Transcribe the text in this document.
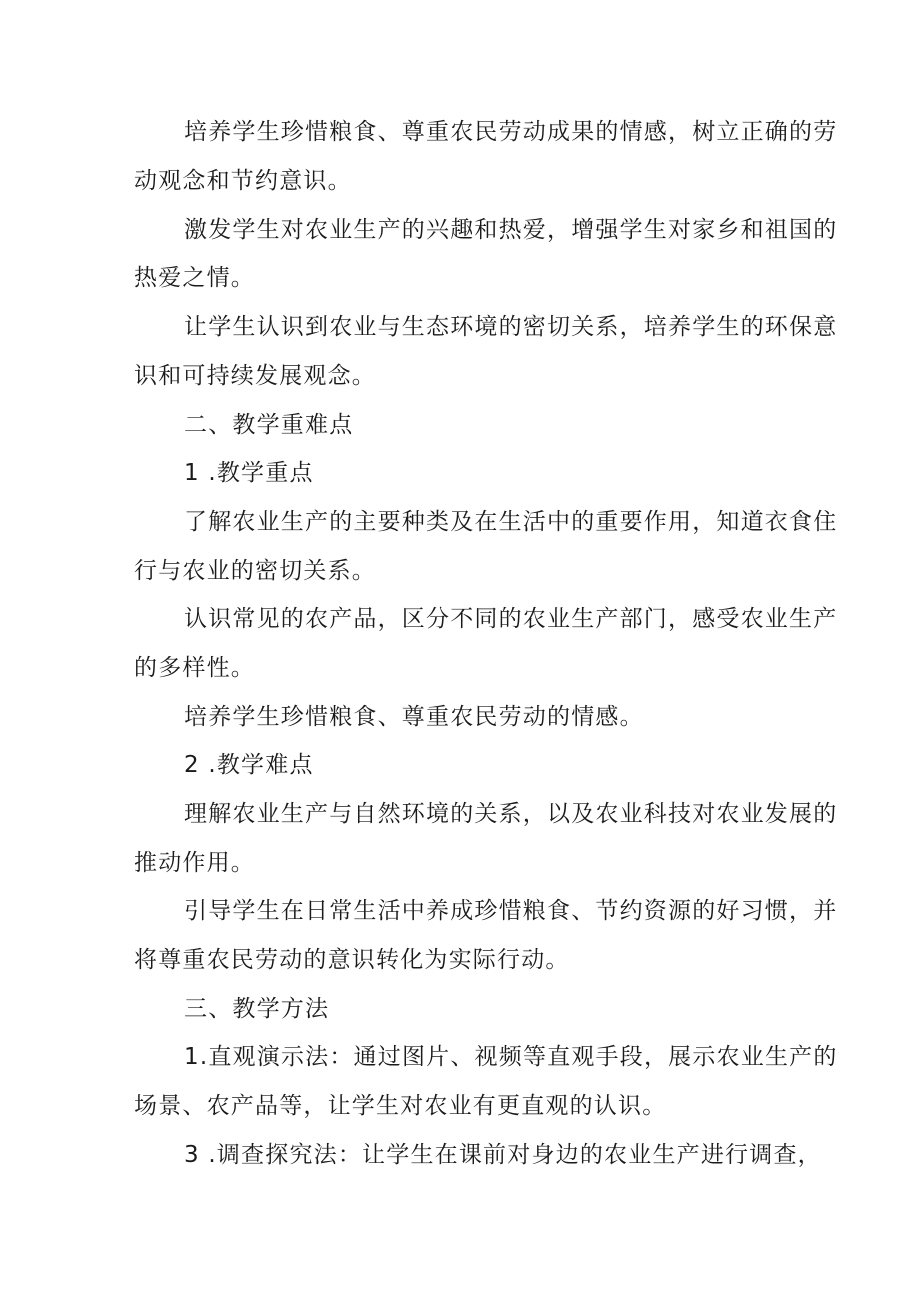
培养学生珍惜粮食、尊重农民劳动成果的情感，树立正确的劳

动观念和节约意识。

激发学生对农业生产的兴趣和热爱，增强学生对家乡和祖国的

热爱之情。

让学生认识到农业与生态环境的密切关系，培养学生的环保意

识和可持续发展观念。

二、教学重难点

1 .教学重点

了解农业生产的主要种类及在生活中的重要作用，知道衣食住

行与农业的密切关系。

认识常见的农产品，区分不同的农业生产部门，感受农业生产

的多样性。

培养学生珍惜粮食、尊重农民劳动的情感。

2 .教学难点

理解农业生产与自然环境的关系，以及农业科技对农业发展的

推动作用。

引导学生在日常生活中养成珍惜粮食、节约资源的好习惯，并

将尊重农民劳动的意识转化为实际行动。

三、教学方法

1.直观演示法：通过图片、视频等直观手段，展示农业生产的

场景、农产品等，让学生对农业有更直观的认识。

3 .调查探究法：让学生在课前对身边的农业生产进行调查，
